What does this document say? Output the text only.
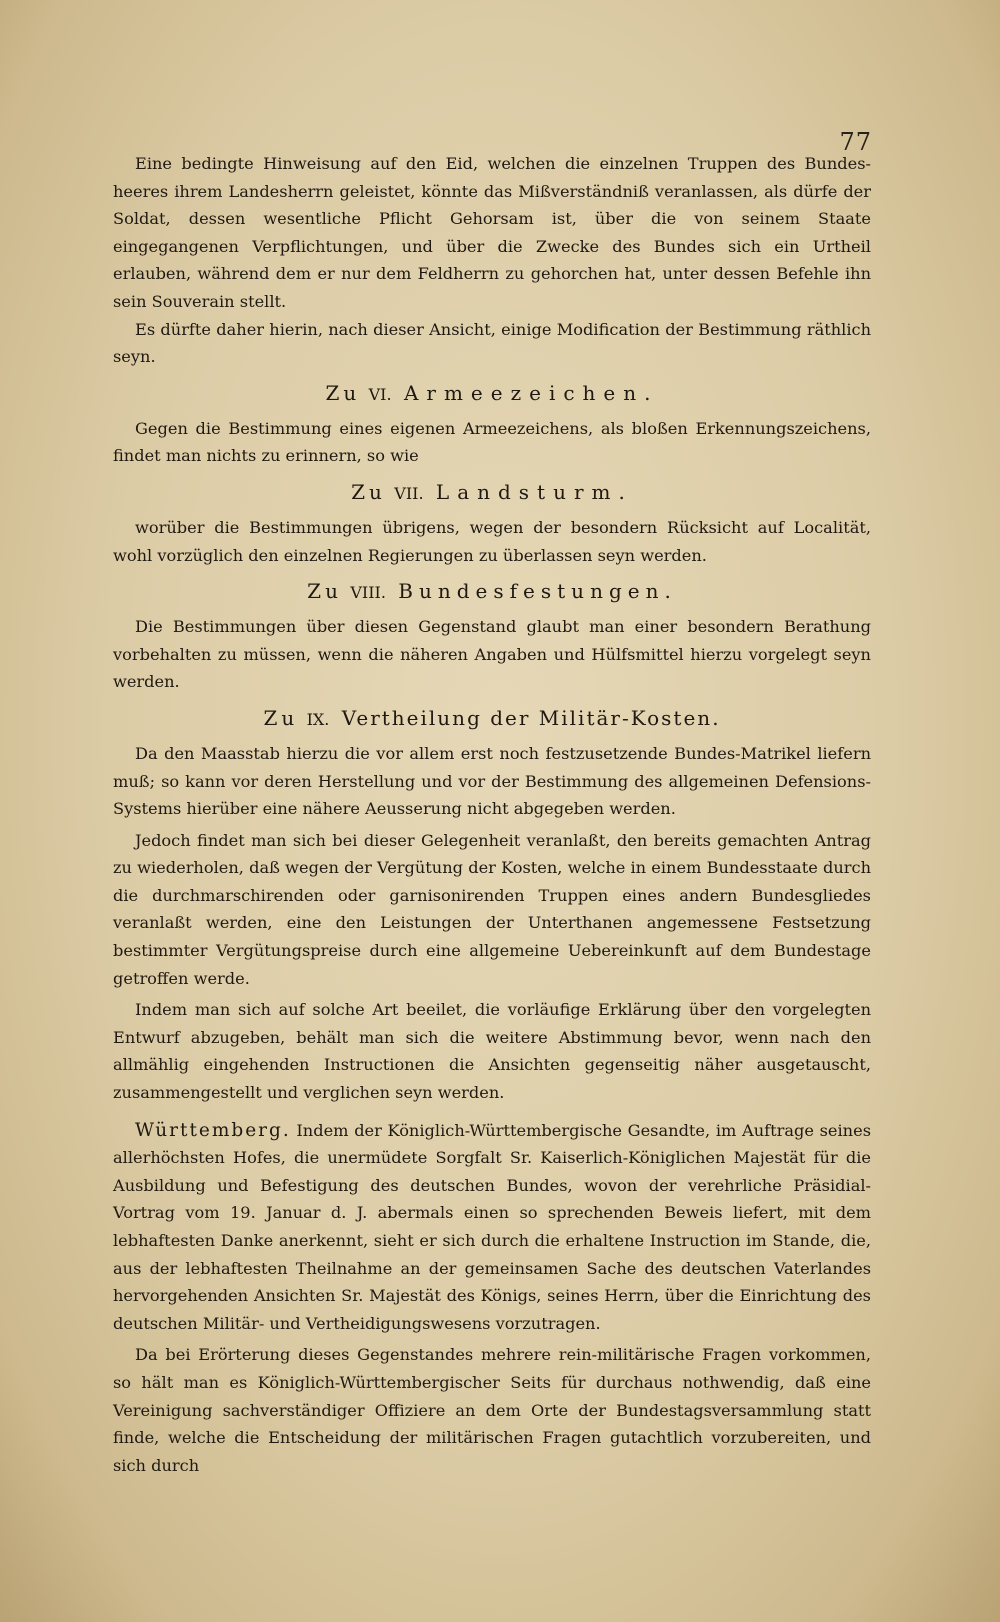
77

Eine bedingte Hinweisung auf den Eid, welchen die einzelnen Truppen des Bundes-heeres ihrem Landesherrn geleistet, könnte das Mißverständniß veranlassen, als dürfe der Soldat, dessen wesentliche Pflicht Gehorsam ist, über die von seinem Staate eingegangenen Verpflichtungen, und über die Zwecke des Bundes sich ein Urtheil erlauben, während dem er nur dem Feldherrn zu gehorchen hat, unter dessen Befehle ihn sein Souverain stellt.

Es dürfte daher hierin, nach dieser Ansicht, einige Modification der Bestimmung räthlich seyn.

Zu VI. Armeezeichen.

Gegen die Bestimmung eines eigenen Armeezeichens, als bloßen Erkennungszeichens, findet man nichts zu erinnern, so wie

Zu VII. Landsturm.

worüber die Bestimmungen übrigens, wegen der besondern Rücksicht auf Localität, wohl vorzüglich den einzelnen Regierungen zu überlassen seyn werden.

Zu VIII. Bundesfestungen.

Die Bestimmungen über diesen Gegenstand glaubt man einer besondern Berathung vorbehalten zu müssen, wenn die näheren Angaben und Hülfsmittel hierzu vorgelegt seyn werden.

Zu IX. Vertheilung der Militär-Kosten.

Da den Maasstab hierzu die vor allem erst noch festzusetzende Bundes-Matrikel liefern muß; so kann vor deren Herstellung und vor der Bestimmung des allgemeinen Defensions-Systems hierüber eine nähere Aeusserung nicht abgegeben werden.

Jedoch findet man sich bei dieser Gelegenheit veranlaßt, den bereits gemachten Antrag zu wiederholen, daß wegen der Vergütung der Kosten, welche in einem Bundesstaate durch die durchmarschirenden oder garnisonirenden Truppen eines andern Bundesgliedes veranlaßt werden, eine den Leistungen der Unterthanen angemessene Festsetzung bestimmter Vergütungspreise durch eine allgemeine Uebereinkunft auf dem Bundestage getroffen werde.

Indem man sich auf solche Art beeilet, die vorläufige Erklärung über den vorgelegten Entwurf abzugeben, behält man sich die weitere Abstimmung bevor, wenn nach den allmählig eingehenden Instructionen die Ansichten gegenseitig näher ausgetauscht, zusammengestellt und verglichen seyn werden.

Württemberg. Indem der Königlich-Württembergische Gesandte, im Auftrage seines allerhöchsten Hofes, die unermüdete Sorgfalt Sr. Kaiserlich-Königlichen Majestät für die Ausbildung und Befestigung des deutschen Bundes, wovon der verehrliche Präsidial-Vortrag vom 19. Januar d. J. abermals einen so sprechenden Beweis liefert, mit dem lebhaftesten Danke anerkennt, sieht er sich durch die erhaltene Instruction im Stande, die, aus der lebhaftesten Theilnahme an der gemeinsamen Sache des deutschen Vaterlandes hervorgehenden Ansichten Sr. Majestät des Königs, seines Herrn, über die Einrichtung des deutschen Militär- und Vertheidigungswesens vorzutragen.

Da bei Erörterung dieses Gegenstandes mehrere rein-militärische Fragen vorkommen, so hält man es Königlich-Württembergischer Seits für durchaus nothwendig, daß eine Vereinigung sachverständiger Offiziere an dem Orte der Bundestagsversammlung statt finde, welche die Entscheidung der militärischen Fragen gutachtlich vorzubereiten, und sich durch
